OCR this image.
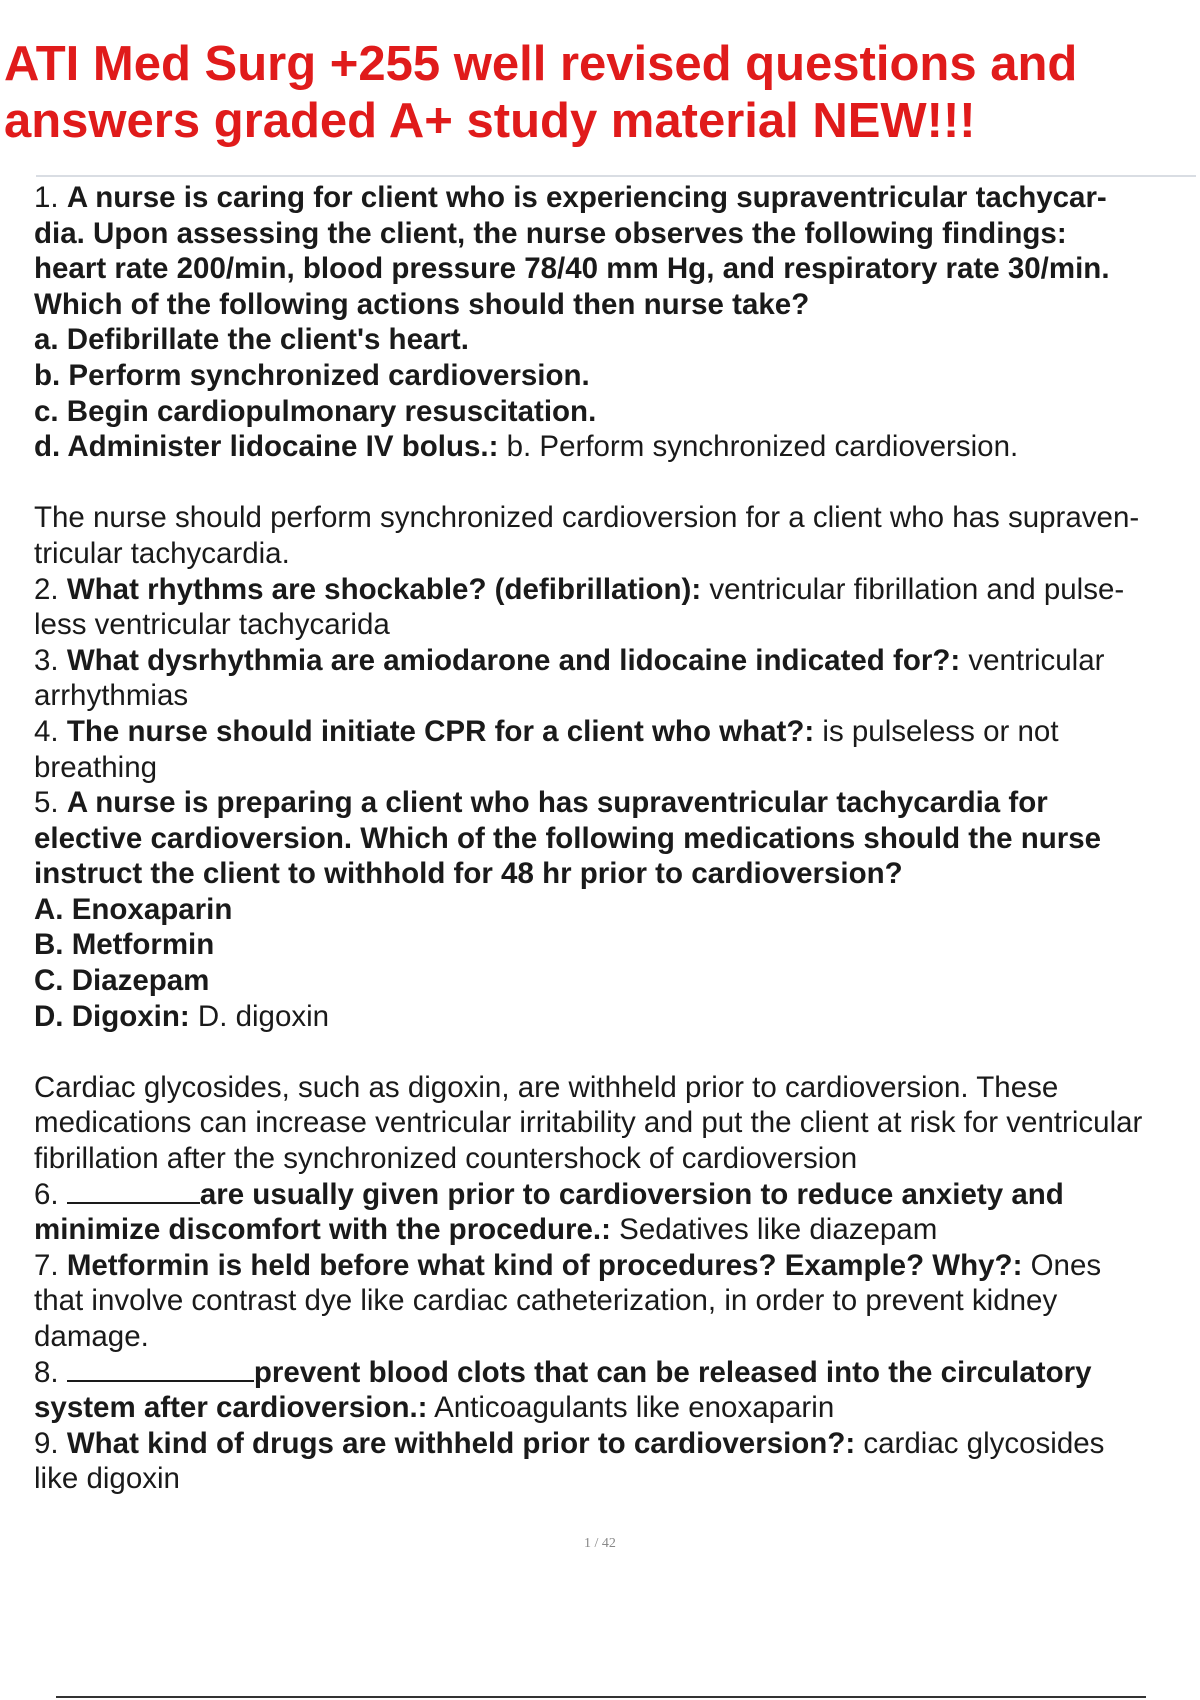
ATI Med Surg +255 well revised questions and
answers graded A+ study material NEW!!!
1. A nurse is caring for client who is experiencing supraventricular tachycar-
dia. Upon assessing the client, the nurse observes the following findings:
heart rate 200/min, blood pressure 78/40 mm Hg, and respiratory rate 30/min.
Which of the following actions should then nurse take?
a. Defibrillate the client's heart.
b. Perform synchronized cardioversion.
c. Begin cardiopulmonary resuscitation.
d. Administer lidocaine IV bolus.: b. Perform synchronized cardioversion.
The nurse should perform synchronized cardioversion for a client who has supraven-
tricular tachycardia.
2. What rhythms are shockable? (defibrillation): ventricular fibrillation and pulse-
less ventricular tachycarida
3. What dysrhythmia are amiodarone and lidocaine indicated for?: ventricular
arrhythmias
4. The nurse should initiate CPR for a client who what?: is pulseless or not
breathing
5. A nurse is preparing a client who has supraventricular tachycardia for
elective cardioversion. Which of the following medications should the nurse
instruct the client to withhold for 48 hr prior to cardioversion?
A. Enoxaparin
B. Metformin
C. Diazepam
D. Digoxin: D. digoxin
Cardiac glycosides, such as digoxin, are withheld prior to cardioversion. These
medications can increase ventricular irritability and put the client at risk for ventricular
fibrillation after the synchronized countershock of cardioversion
6.	are usually given prior to cardioversion to reduce anxiety and
minimize discomfort with the procedure.: Sedatives like diazepam
7. Metformin is held before what kind of procedures? Example? Why?: Ones
that involve contrast dye like cardiac catheterization, in order to prevent kidney
damage.
8.	prevent blood clots that can be released into the circulatory
system after cardioversion.: Anticoagulants like enoxaparin
9. What kind of drugs are withheld prior to cardioversion?: cardiac glycosides
like digoxin
1 / 42
